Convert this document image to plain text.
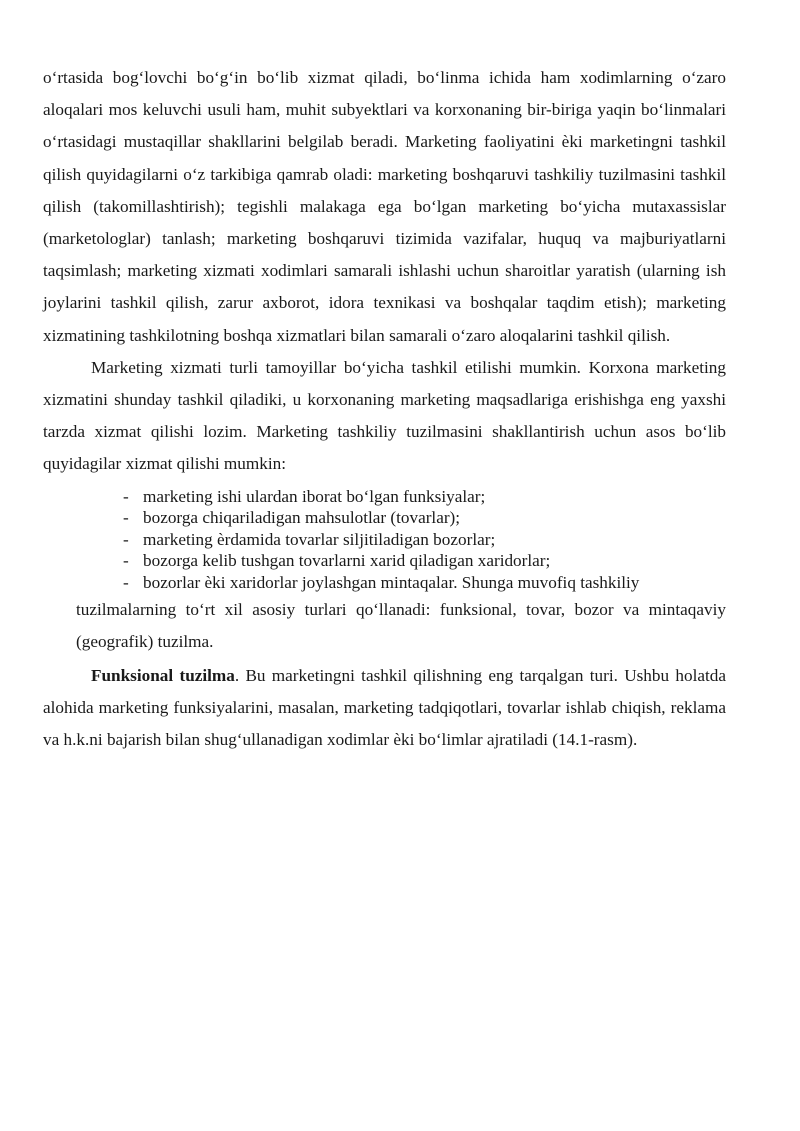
o‘rtasida bog‘lovchi bo‘g‘in bo‘lib xizmat qiladi, bo‘linma ichida ham xodimlarning o‘zaro aloqalari mos keluvchi usuli ham, muhit subyektlari va korxonaning bir-biriga yaqin bo‘linmalari o‘rtasidagi mustaqillar shakllarini belgilab beradi. Marketing faoliyatini èki marketingni tashkil qilish quyidagilarni o‘z tarkibiga qamrab oladi: marketing boshqaruvi tashkiliy tuzilmasini tashkil qilish (takomillashtirish); tegishli malakaga ega bo‘lgan marketing bo‘yicha mutaxassislar (marketologlar) tanlash; marketing boshqaruvi tizimida vazifalar, huquq va majburiyatlarni taqsimlash; marketing xizmati xodimlari samarali ishlashi uchun sharoitlar yaratish (ularning ish joylarini tashkil qilish, zarur axborot, idora texnikasi va boshqalar taqdim etish); marketing xizmatining tashkilotning boshqa xizmatlari bilan samarali o‘zaro aloqalarini tashkil qilish.

Marketing xizmati turli tamoyillar bo‘yicha tashkil etilishi mumkin. Korxona marketing xizmatini shunday tashkil qiladiki, u korxonaning marketing maqsadlariga erishishga eng yaxshi tarzda xizmat qilishi lozim. Marketing tashkiliy tuzilmasini shakllantirish uchun asos bo‘lib quyidagilar xizmat qilishi mumkin:

- marketing ishi ulardan iborat bo‘lgan funksiyalar;
- bozorga chiqariladigan mahsulotlar (tovarlar);
- marketing èrdamida tovarlar siljitiladigan bozorlar;
- bozorga kelib tushgan tovarlarni xarid qiladigan xaridorlar;
- bozorlar èki xaridorlar joylashgan mintaqalar. Shunga muvofiq tashkiliy

tuzilmalarning to‘rt xil asosiy turlari qo‘llanadi: funksional, tovar, bozor va mintaqaviy (geografik) tuzilma.

Funksional tuzilma. Bu marketingni tashkil qilishning eng tarqalgan turi. Ushbu holatda alohida marketing funksiyalarini, masalan, marketing tadqiqotlari, tovarlar ishlab chiqish, reklama va h.k.ni bajarish bilan shug‘ullanadigan xodimlar èki bo‘limlar ajratiladi (14.1-rasm).
